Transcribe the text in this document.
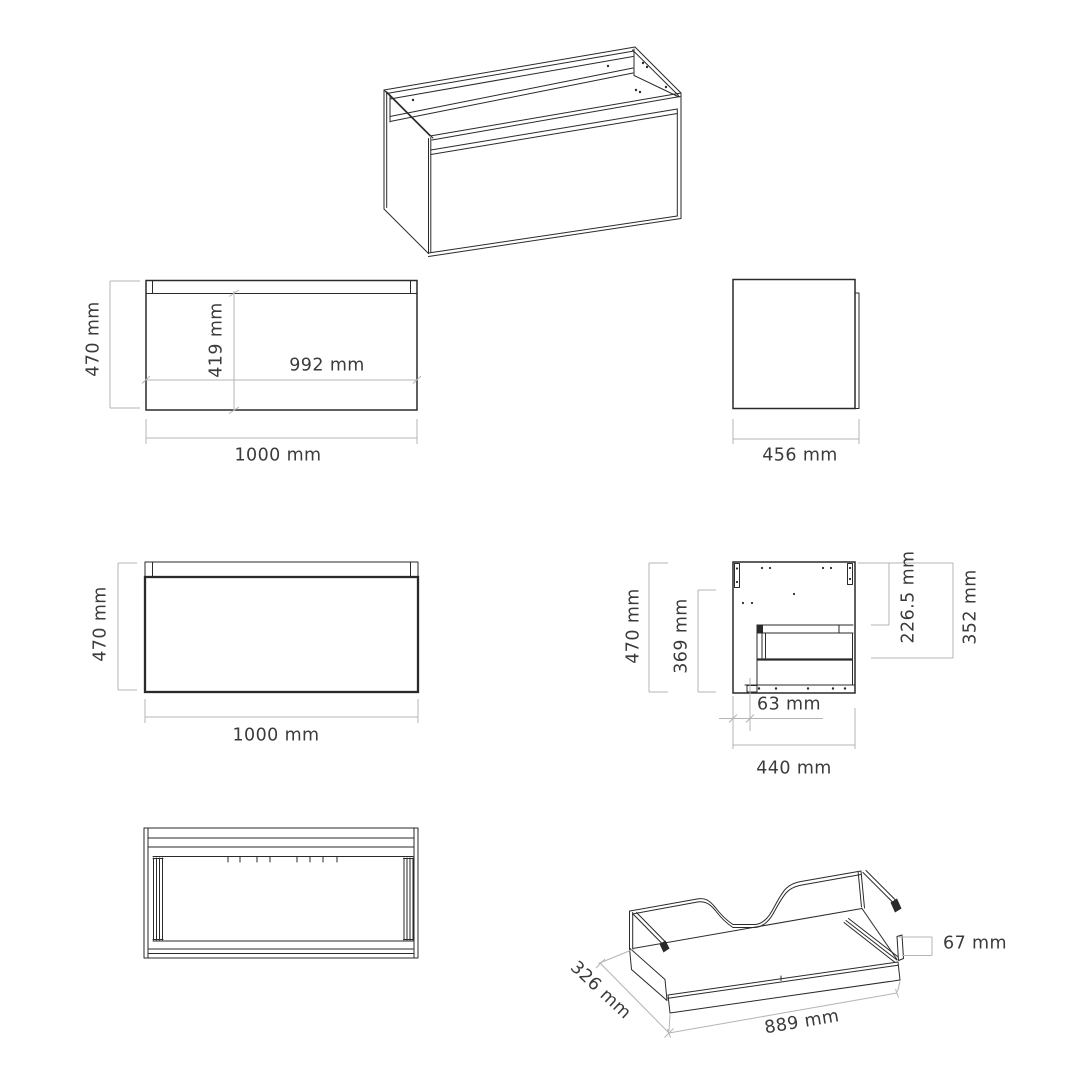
470 mm	419 mm	992 mm
1000 mm	456 mm
470 mm
1000 mm
470 mm 369 mm	226.5 mm 352 mm
63 mm
440 mm
326 mm	889 mm
67 mm
